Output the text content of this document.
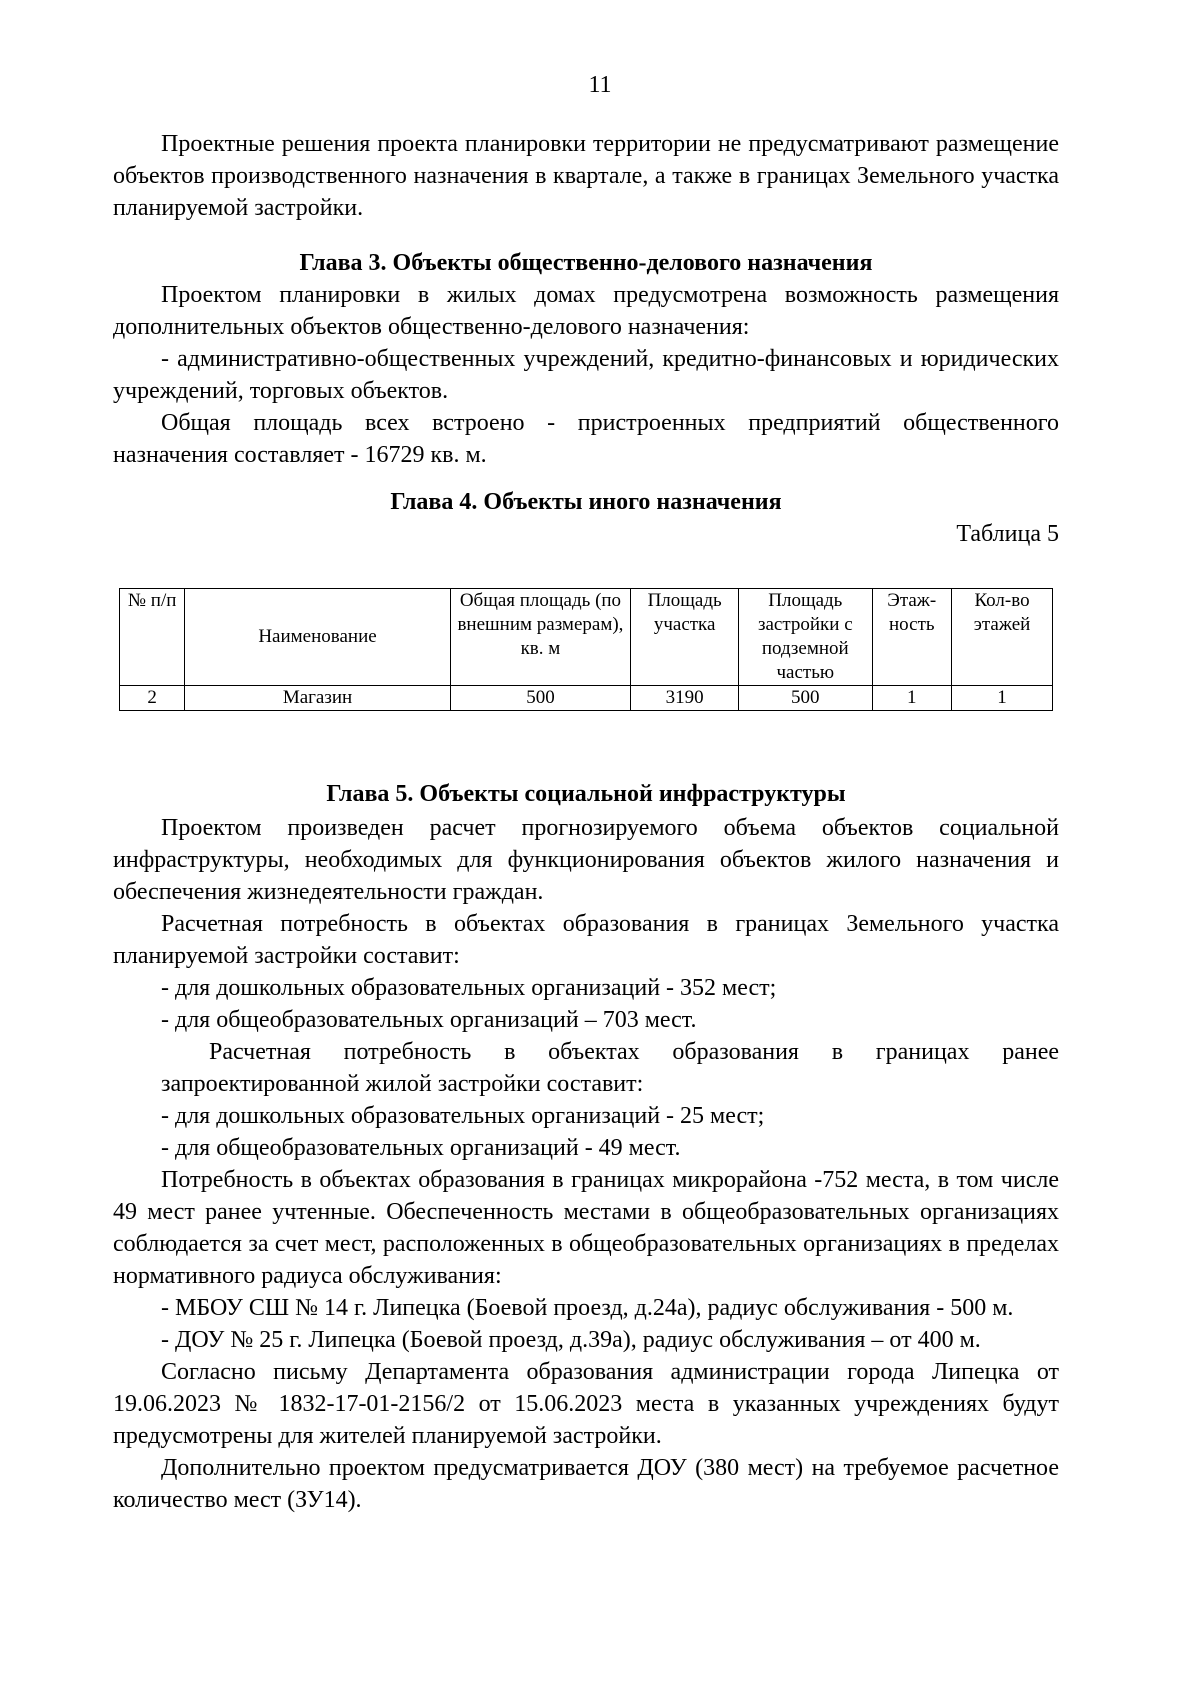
11

Проектные решения проекта планировки территории не предусматривают размещение объектов производственного назначения в квартале, а также в границах Земельного участка планируемой застройки.

Глава 3. Объекты общественно-делового назначения

Проектом планировки в жилых домах предусмотрена возможность размещения дополнительных объектов общественно-делового назначения:

- административно-общественных учреждений, кредитно-финансовых и юридических учреждений, торговых объектов.

Общая площадь всех встроено - пристроенных предприятий общественного назначения составляет - 16729 кв. м.

Глава 4. Объекты иного назначения
Таблица 5
№ п/п	Наименование	Общая площадь (по внешним размерам), кв. м	Площадь участка	Площадь застройки с подземной частью	Этаж-ность	Кол-во этажей
2	Магазин	500	3190	500	1	1
Глава 5. Объекты социальной инфраструктуры

Проектом произведен расчет прогнозируемого объема объектов социальной инфраструктуры, необходимых для функционирования объектов жилого назначения и обеспечения жизнедеятельности граждан.

Расчетная потребность в объектах образования в границах Земельного участка планируемой застройки составит:

- для дошкольных образовательных организаций - 352 мест;

- для общеобразовательных организаций – 703 мест.

Расчетная потребность в объектах образования в границах ранее запроектированной жилой застройки составит:

- для дошкольных образовательных организаций - 25 мест;

- для общеобразовательных организаций - 49 мест.

Потребность в объектах образования в границах микрорайона -752 места, в том числе 49 мест ранее учтенные. Обеспеченность местами в общеобразовательных организациях соблюдается за счет мест, расположенных в общеобразовательных организациях в пределах нормативного радиуса обслуживания:

- МБОУ СШ № 14 г. Липецка (Боевой проезд, д.24а), радиус обслуживания - 500 м.

- ДОУ № 25 г. Липецка (Боевой проезд, д.39а), радиус обслуживания – от 400 м.

Согласно письму Департамента образования администрации города Липецка от 19.06.2023 № 1832-17-01-2156/2 от 15.06.2023 места в указанных учреждениях будут предусмотрены для жителей планируемой застройки.

Дополнительно проектом предусматривается ДОУ (380 мест) на требуемое расчетное количество мест (ЗУ14).
